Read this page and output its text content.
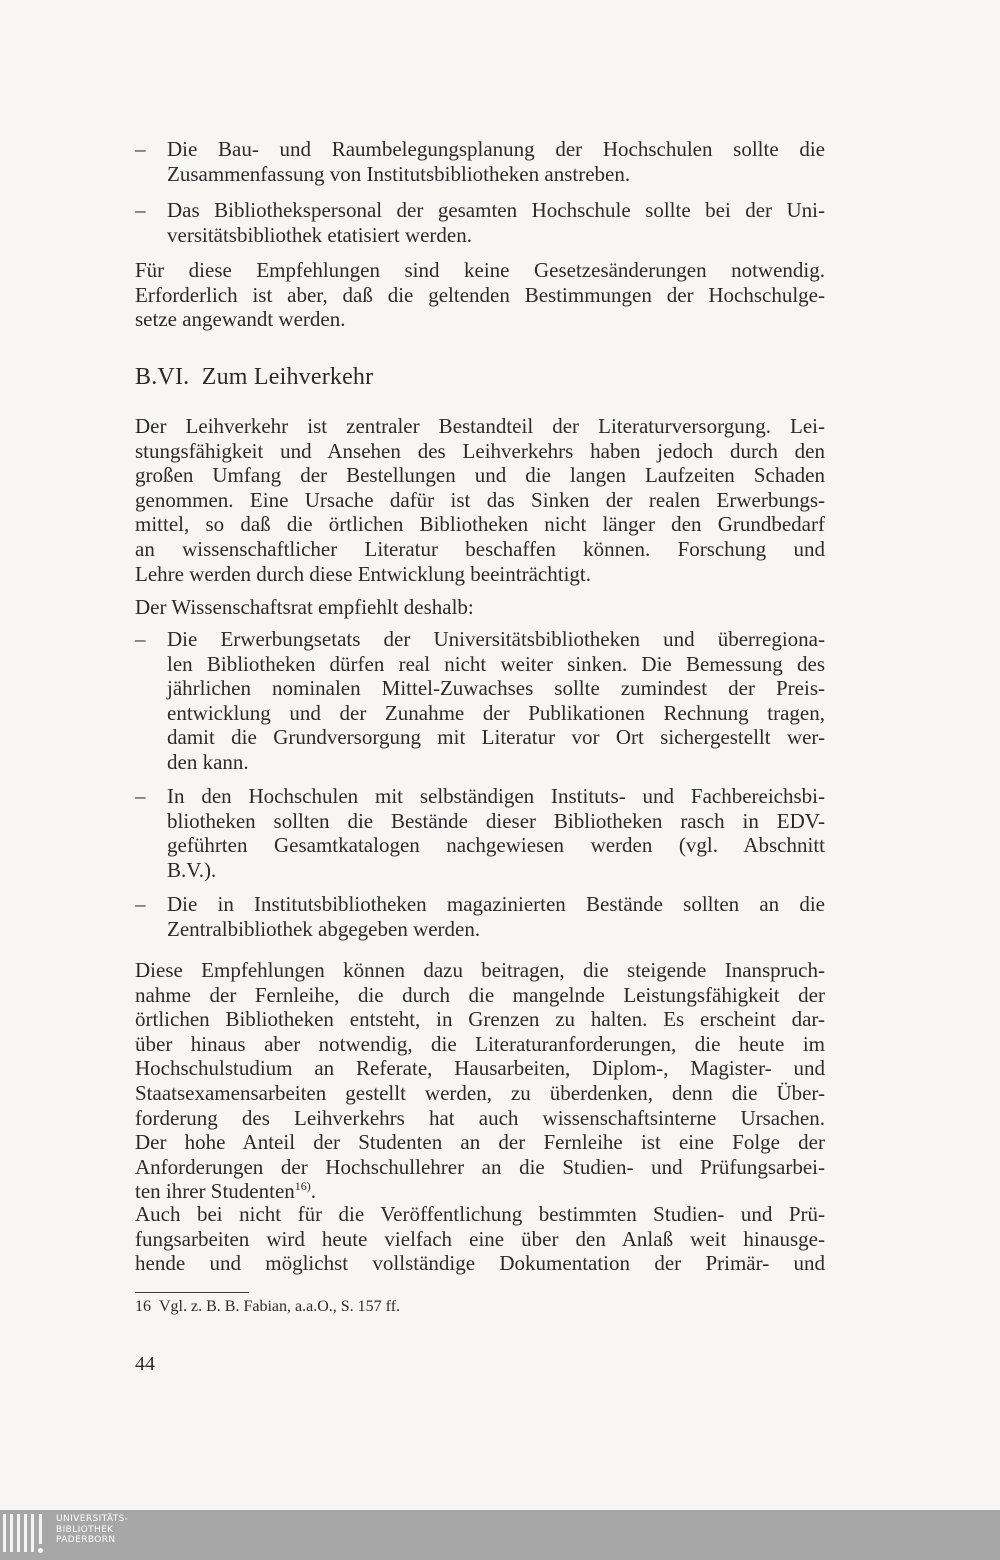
– Die Bau- und Raumbelegungsplanung der Hochschulen sollte die
Zusammenfassung von Institutsbibliotheken anstreben.
– Das Bibliothekspersonal der gesamten Hochschule sollte bei der Uni-
versitätsbibliothek etatisiert werden.
Für diese Empfehlungen sind keine Gesetzesänderungen notwendig.
Erforderlich ist aber, daß die geltenden Bestimmungen der Hochschulge-
setze angewandt werden.
B.VI.  Zum Leihverkehr
Der Leihverkehr ist zentraler Bestandteil der Literaturversorgung. Lei-
stungsfähigkeit und Ansehen des Leihverkehrs haben jedoch durch den
großen Umfang der Bestellungen und die langen Laufzeiten Schaden
genommen. Eine Ursache dafür ist das Sinken der realen Erwerbungs-
mittel, so daß die örtlichen Bibliotheken nicht länger den Grundbedarf
an wissenschaftlicher Literatur beschaffen können. Forschung und
Lehre werden durch diese Entwicklung beeinträchtigt.
Der Wissenschaftsrat empfiehlt deshalb:
– Die Erwerbungsetats der Universitätsbibliotheken und überregiona-
len Bibliotheken dürfen real nicht weiter sinken. Die Bemessung des
jährlichen nominalen Mittel-Zuwachses sollte zumindest der Preis-
entwicklung und der Zunahme der Publikationen Rechnung tragen,
damit die Grundversorgung mit Literatur vor Ort sichergestellt wer-
den kann.
– In den Hochschulen mit selbständigen Instituts- und Fachbereichsbi-
bliotheken sollten die Bestände dieser Bibliotheken rasch in EDV-
geführten Gesamtkatalogen nachgewiesen werden (vgl. Abschnitt
B.V.).
– Die in Institutsbibliotheken magazinierten Bestände sollten an die
Zentralbibliothek abgegeben werden.
Diese Empfehlungen können dazu beitragen, die steigende Inanspruch-
nahme der Fernleihe, die durch die mangelnde Leistungsfähigkeit der
örtlichen Bibliotheken entsteht, in Grenzen zu halten. Es erscheint dar-
über hinaus aber notwendig, die Literaturanforderungen, die heute im
Hochschulstudium an Referate, Hausarbeiten, Diplom-, Magister- und
Staatsexamensarbeiten gestellt werden, zu überdenken, denn die Über-
forderung des Leihverkehrs hat auch wissenschaftsinterne Ursachen.
Der hohe Anteil der Studenten an der Fernleihe ist eine Folge der
Anforderungen der Hochschullehrer an die Studien- und Prüfungsarbei-
ten ihrer Studenten$^{16)}$.
Auch bei nicht für die Veröffentlichung bestimmten Studien- und Prü-
fungsarbeiten wird heute vielfach eine über den Anlaß weit hinausge-
hende und möglichst vollständige Dokumentation der Primär- und
16 Vgl. z. B. B. Fabian, a.a.O., S. 157 ff.
44
UNIVERSITÄTS-
BIBLIOTHEK
PADERBORN
